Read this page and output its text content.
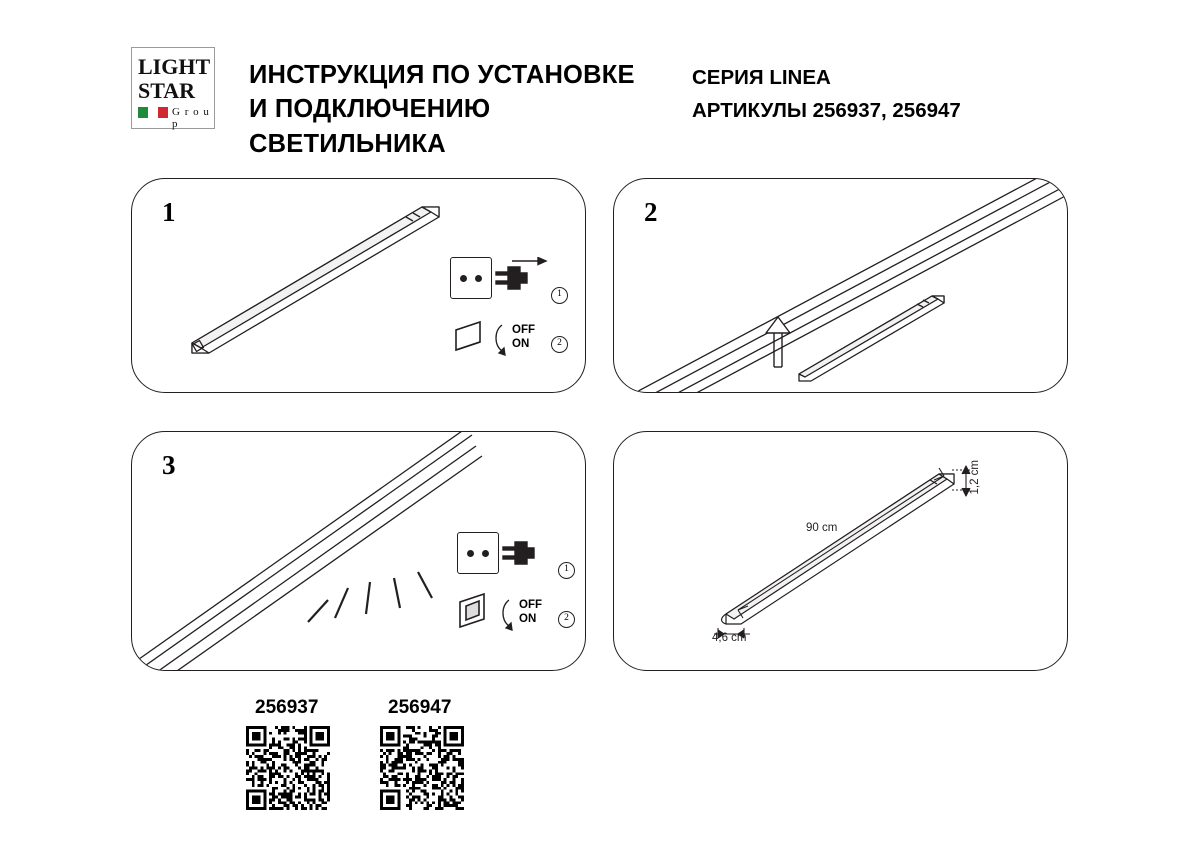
LIGHT
STAR
G r o u p
ИНСТРУКЦИЯ ПО УСТАНОВКЕ И ПОДКЛЮЧЕНИЮ СВЕТИЛЬНИКА
СЕРИЯ LINEA
АРТИКУЛЫ 256937, 256947
1
1
OFF
ON	2
2
3
1
OFF
ON	2
90 cm
4,6 cm
1,2 cm
256937	256947
